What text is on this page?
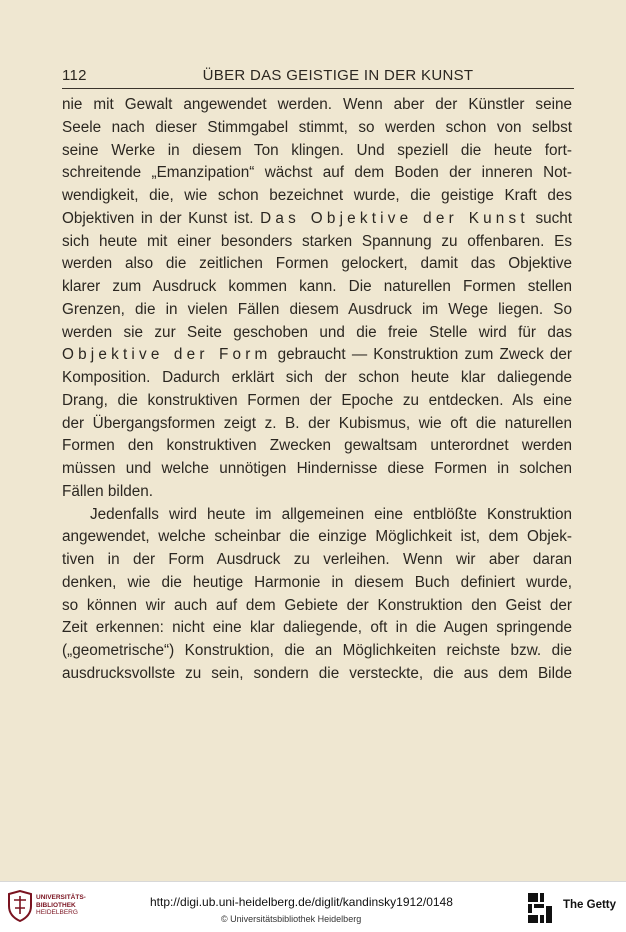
112	ÜBER DAS GEISTIGE IN DER KUNST
nie mit Gewalt angewendet werden. Wenn aber der Künstler seine
Seele nach dieser Stimmgabel stimmt, so werden schon von selbst
seine Werke in diesem Ton klingen. Und speziell die heute fort-
schreitende „Emanzipation“ wächst auf dem Boden der inneren Not-
wendigkeit, die, wie schon bezeichnet wurde, die geistige Kraft des
Objektiven in der Kunst ist. Das Objektive der Kunst sucht
sich heute mit einer besonders starken Spannung zu offenbaren. Es
werden also die zeitlichen Formen gelockert, damit das Objektive
klarer zum Ausdruck kommen kann. Die naturellen Formen stellen
Grenzen, die in vielen Fällen diesem Ausdruck im Wege liegen. So
werden sie zur Seite geschoben und die freie Stelle wird für das
Objektive der Form gebraucht — Konstruktion zum Zweck der
Komposition. Dadurch erklärt sich der schon heute klar daliegende
Drang, die konstruktiven Formen der Epoche zu entdecken. Als eine
der Übergangsformen zeigt z. B. der Kubismus, wie oft die naturellen
Formen den konstruktiven Zwecken gewaltsam unterordnet werden
müssen und welche unnötigen Hindernisse diese Formen in solchen
Fällen bilden.
Jedenfalls wird heute im allgemeinen eine entblößte Konstruktion
angewendet, welche scheinbar die einzige Möglichkeit ist, dem Objek-
tiven in der Form Ausdruck zu verleihen. Wenn wir aber daran
denken, wie die heutige Harmonie in diesem Buch definiert wurde,
so können wir auch auf dem Gebiete der Konstruktion den Geist der
Zeit erkennen: nicht eine klar daliegende, oft in die Augen springende
(„geometrische“) Konstruktion, die an Möglichkeiten reichste bzw. die
ausdrucksvollste zu sein, sondern die versteckte, die aus dem Bilde
UNIVERSITÄTS-
BIBLIOTHEK
HEIDELBERG
http://digi.ub.uni-heidelberg.de/diglit/kandinsky1912/0148
© Universitätsbibliothek Heidelberg
The Getty
